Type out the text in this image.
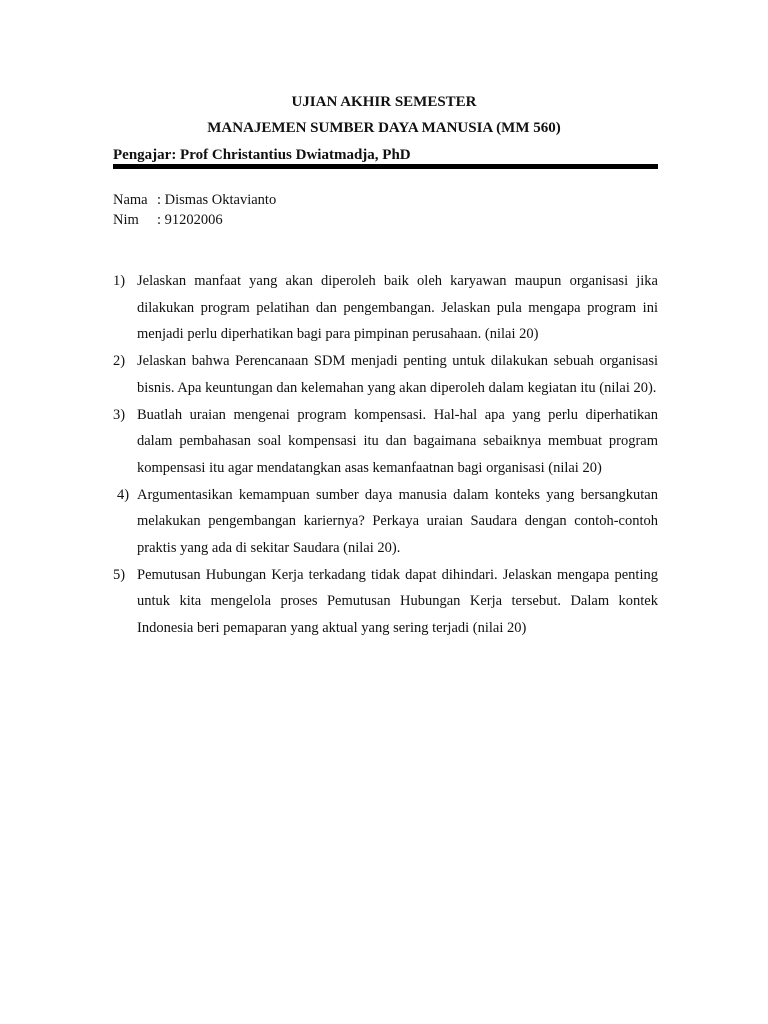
UJIAN AKHIR SEMESTER
MANAJEMEN SUMBER DAYA MANUSIA (MM 560)
Pengajar: Prof Christantius Dwiatmadja, PhD
Nama : Dismas Oktavianto
Nim : 91202006
1) Jelaskan manfaat yang akan diperoleh baik oleh karyawan maupun organisasi jika dilakukan program pelatihan dan pengembangan. Jelaskan pula mengapa program ini menjadi perlu diperhatikan bagi para pimpinan perusahaan. (nilai 20)
2) Jelaskan bahwa Perencanaan SDM menjadi penting untuk dilakukan sebuah organisasi bisnis. Apa keuntungan dan kelemahan yang akan diperoleh dalam kegiatan itu (nilai 20).
3) Buatlah uraian mengenai program kompensasi. Hal-hal apa yang perlu diperhatikan dalam pembahasan soal kompensasi itu dan bagaimana sebaiknya membuat program kompensasi itu agar mendatangkan asas kemanfaatnan bagi organisasi (nilai 20)
4) Argumentasikan kemampuan sumber daya manusia dalam konteks yang bersangkutan melakukan pengembangan kariernya? Perkaya uraian Saudara dengan contoh-contoh praktis yang ada di sekitar Saudara (nilai 20).
5) Pemutusan Hubungan Kerja terkadang tidak dapat dihindari. Jelaskan mengapa penting untuk kita mengelola proses Pemutusan Hubungan Kerja tersebut. Dalam kontek Indonesia beri pemaparan yang aktual yang sering terjadi (nilai 20)
